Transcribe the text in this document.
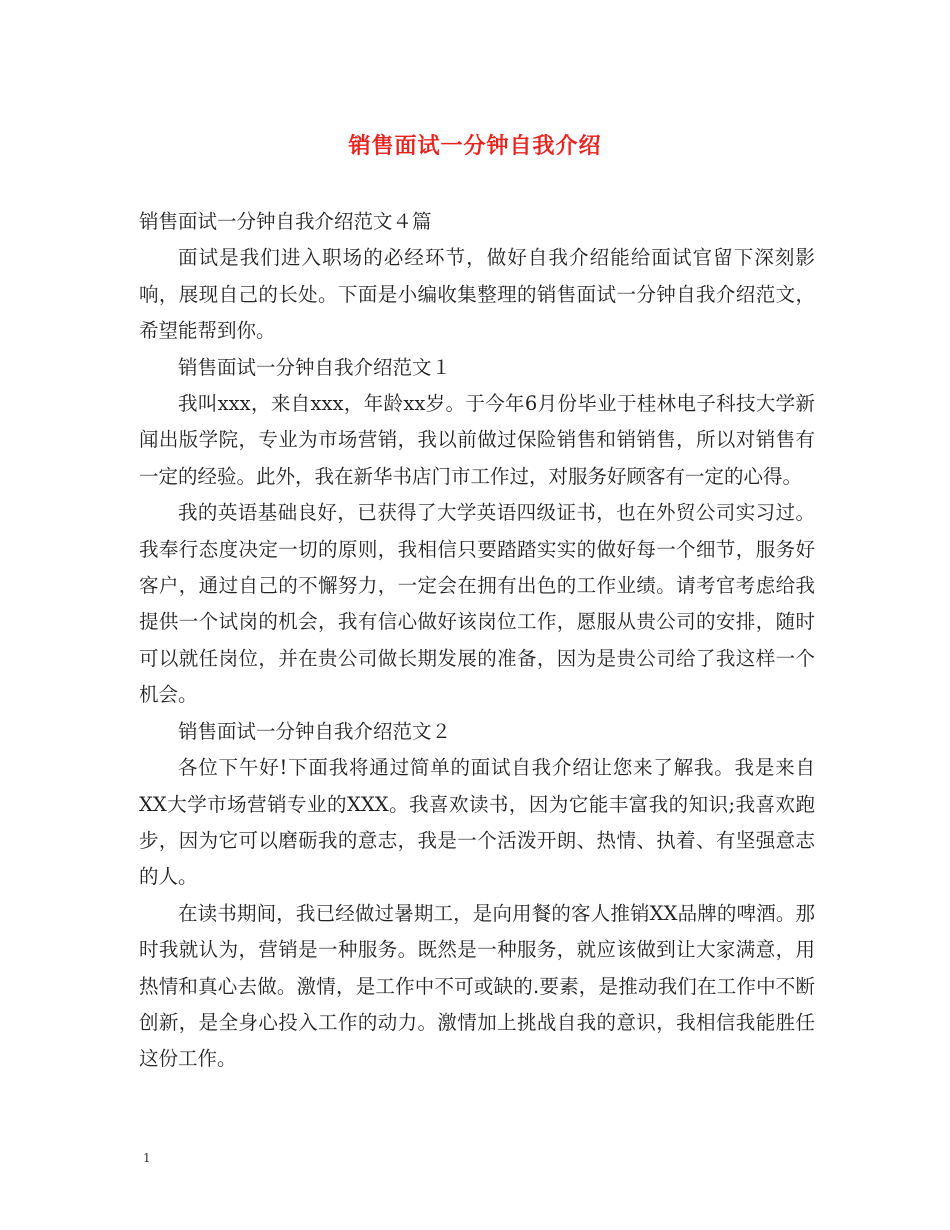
销售面试一分钟自我介绍

销售面试一分钟自我介绍范文４篇

面试是我们进入职场的必经环节，做好自我介绍能给面试官留下深刻影响，展现自己的长处。下面是小编收集整理的销售面试一分钟自我介绍范文，希望能帮到你。

销售面试一分钟自我介绍范文１

我叫xxx，来自xxx，年龄xx岁。于今年6月份毕业于桂林电子科技大学新闻出版学院，专业为市场营销，我以前做过保险销售和销销售，所以对销售有一定的经验。此外，我在新华书店门市工作过，对服务好顾客有一定的心得。

我的英语基础良好，已获得了大学英语四级证书，也在外贸公司实习过。我奉行态度决定一切的原则，我相信只要踏踏实实的做好每一个细节，服务好客户，通过自己的不懈努力，一定会在拥有出色的工作业绩。请考官考虑给我提供一个试岗的机会，我有信心做好该岗位工作，愿服从贵公司的安排，随时可以就任岗位，并在贵公司做长期发展的准备，因为是贵公司给了我这样一个机会。

销售面试一分钟自我介绍范文２

各位下午好!下面我将通过简单的面试自我介绍让您来了解我。我是来自XX大学市场营销专业的XXX。我喜欢读书，因为它能丰富我的知识;我喜欢跑步，因为它可以磨砺我的意志，我是一个活泼开朗、热情、执着、有坚强意志的人。

在读书期间，我已经做过暑期工，是向用餐的客人推销XX品牌的啤酒。那时我就认为，营销是一种服务。既然是一种服务，就应该做到让大家满意，用热情和真心去做。激情，是工作中不可或缺的.要素，是推动我们在工作中不断创新，是全身心投入工作的动力。激情加上挑战自我的意识，我相信我能胜任这份工作。

1
